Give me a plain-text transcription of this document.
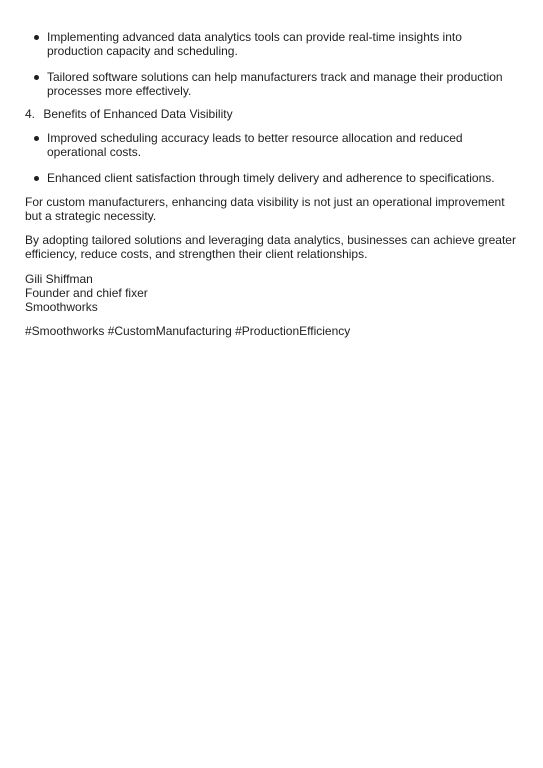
Implementing advanced data analytics tools can provide real-time insights into production capacity and scheduling.
Tailored software solutions can help manufacturers track and manage their production processes more effectively.
4. Benefits of Enhanced Data Visibility
Improved scheduling accuracy leads to better resource allocation and reduced operational costs.
Enhanced client satisfaction through timely delivery and adherence to specifications.
For custom manufacturers, enhancing data visibility is not just an operational improvement but a strategic necessity.
By adopting tailored solutions and leveraging data analytics, businesses can achieve greater efficiency, reduce costs, and strengthen their client relationships.
Gili Shiffman
Founder and chief fixer
Smoothworks
#Smoothworks #CustomManufacturing #ProductionEfficiency
